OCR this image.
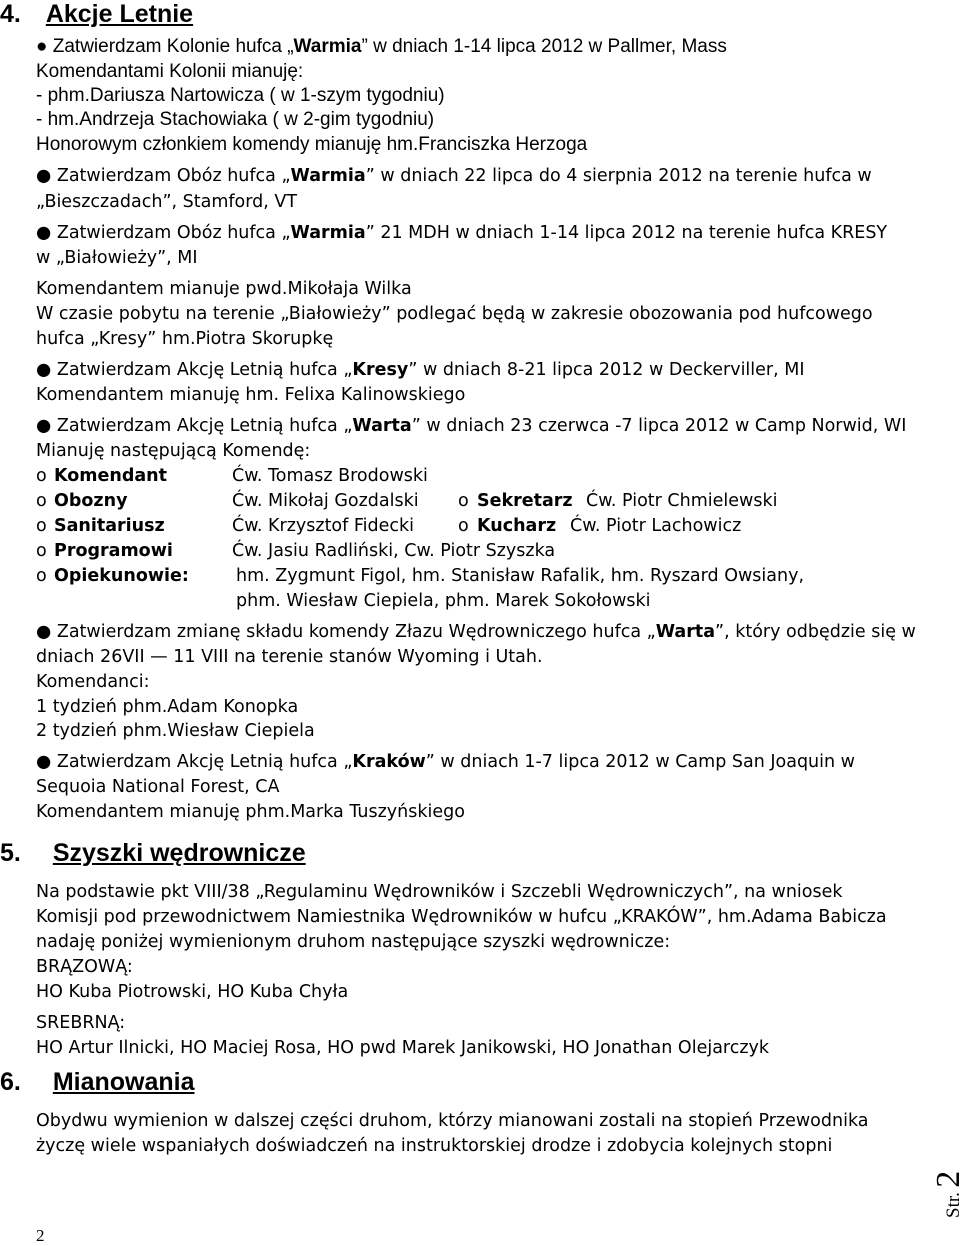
4. Akcje Letnie
● Zatwierdzam Kolonie hufca „Warmia” w dniach 1-14 lipca 2012 w Pallmer, Mass
Komendantami Kolonii mianuję:
- phm.Dariusza Nartowicza ( w 1-szym tygodniu)
- hm.Andrzeja Stachowiaka ( w 2-gim tygodniu)
Honorowym członkiem komendy mianuję hm.Franciszka Herzoga
● Zatwierdzam Obóz hufca „Warmia” w dniach 22 lipca do 4 sierpnia 2012 na terenie hufca w
„Bieszczadach”, Stamford, VT
● Zatwierdzam Obóz hufca „Warmia” 21 MDH w dniach 1-14 lipca 2012 na terenie hufca KRESY
w „Białowieży”, MI
Komendantem mianuje pwd.Mikołaja Wilka
W czasie pobytu na terenie „Białowieży” podlegać będą w zakresie obozowania pod hufcowego
hufca „Kresy” hm.Piotra Skorupkę
● Zatwierdzam Akcję Letnią hufca „Kresy” w dniach 8-21 lipca 2012 w Deckerviller, MI
Komendantem mianuję hm. Felixa Kalinowskiego
● Zatwierdzam Akcję Letnią hufca „Warta” w dniach 23 czerwca -7 lipca 2012 w Camp Norwid, WI
Mianuję następującą Komendę:
o Komendant	Ćw. Tomasz Brodowski
o Obozny	Ćw. Mikołaj Gozdalski o Sekretarz Ćw. Piotr Chmielewski
o Sanitariusz	Ćw. Krzysztof Fidecki	o Kucharz Ćw. Piotr Lachowicz
o Programowi	Ćw. Jasiu Radliński, Cw. Piotr Szyszka
o Opiekunowie:	hm. Zygmunt Figol, hm. Stanisław Rafalik, hm. Ryszard Owsiany,
phm. Wiesław Ciepiela, phm. Marek Sokołowski
● Zatwierdzam zmianę składu komendy Złazu Wędrowniczego hufca „Warta”, który odbędzie się w
dniach 26VII — 11 VIII na terenie stanów Wyoming i Utah.
Komendanci:
1 tydzień phm.Adam Konopka
2 tydzień phm.Wiesław Ciepiela
● Zatwierdzam Akcję Letnią hufca „Kraków” w dniach 1-7 lipca 2012 w Camp San Joaquin w
Sequoia National Forest, CA
Komendantem mianuję phm.Marka Tuszyńskiego
5. Szyszki wędrownicze
Na podstawie pkt VIII/38 „Regulaminu Wędrowników i Szczebli Wędrowniczych”, na wniosek
Komisji pod przewodnictwem Namiestnika Wędrowników w hufcu „KRAKÓW”, hm.Adama Babicza
nadaję poniżej wymienionym druhom następujące szyszki wędrownicze:
BRĄZOWĄ:
HO Kuba Piotrowski, HO Kuba Chyła
SREBRNĄ:
HO Artur Ilnicki, HO Maciej Rosa, HO pwd Marek Janikowski, HO Jonathan Olejarczyk
6. Mianowania
Obydwu wymienion w dalszej części druhom, którzy mianowani zostali na stopień Przewodnika
życzę wiele wspaniałych doświadczeń na instruktorskiej drodze i zdobycia kolejnych stopni
Str. 2
2
